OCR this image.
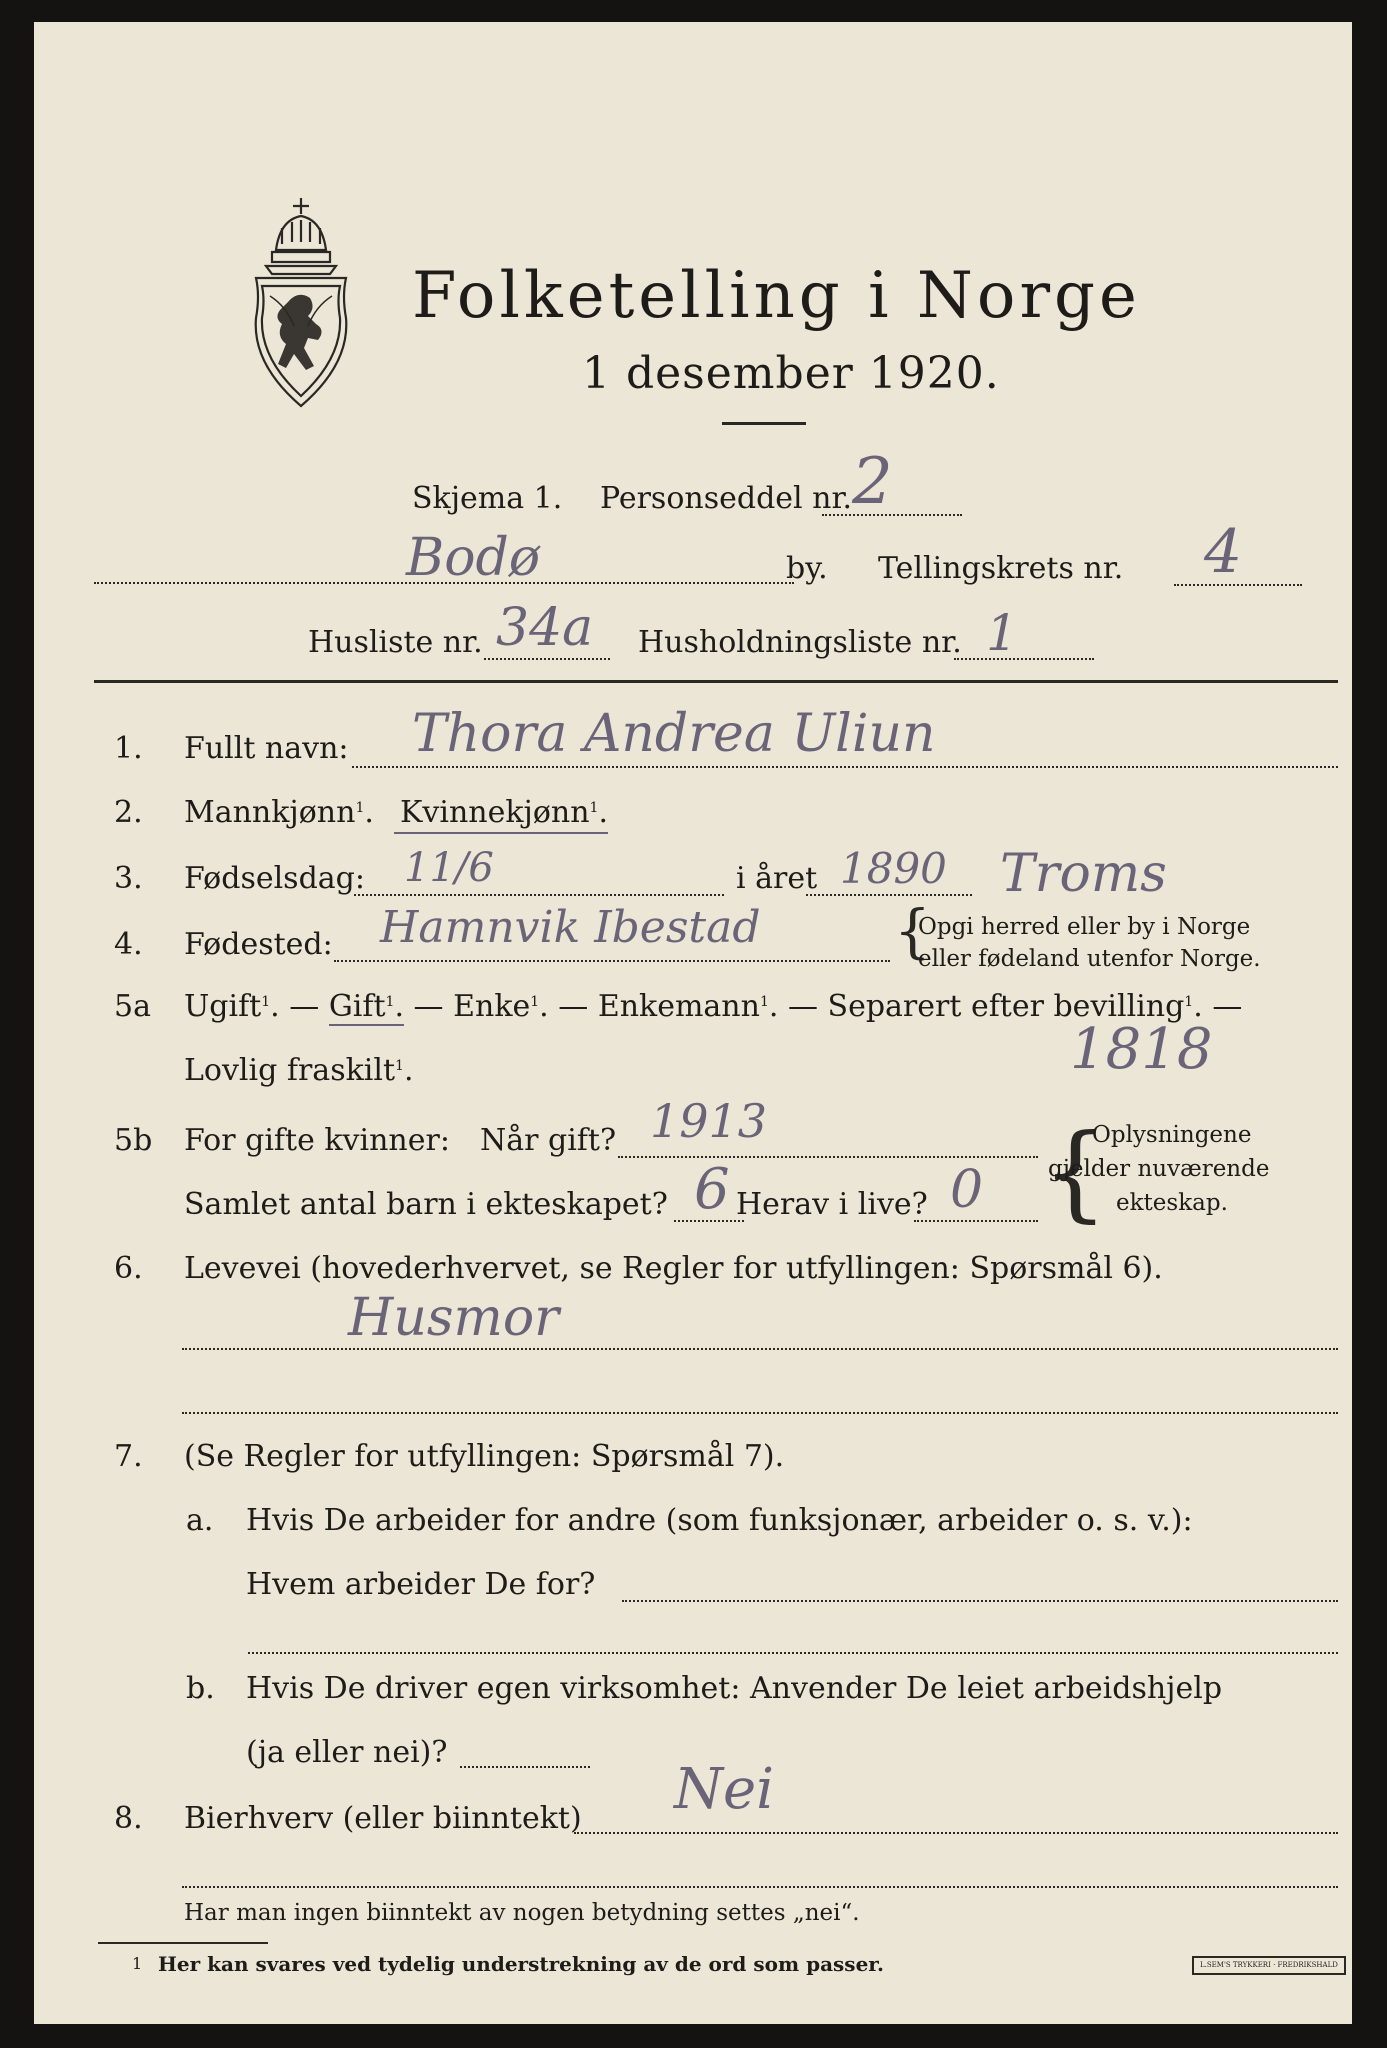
Folketelling i Norge
1 desember 1920.
Skjema 1. Personseddel nr. 2
Bodø	by. Tellingskrets nr. 4
Husliste nr. 34a Husholdningsliste nr. 1
1. Fullt navn: Thora Andrea Uliun
2. Mannkjønn$^1$. Kvinnekjønn$^1$.
3. Fødselsdag: 11/6	i året 1890 Troms
4. Fødested: Hamnvik Ibestad {
Opgi herred eller by i Norge
eller fødeland utenfor Norge.
5a Ugift$^1$. — Gift$^1$. — Enke$^1$. — Enkemann$^1$. — Separert efter bevilling$^1$. —
Lovlig fraskilt$^1$.	1818
5b For gifte kvinner: Når gift? 1913
Samlet antal barn i ekteskapet? 6 Herav i live? 0 {
Oplysningene
gjelder nuværende
ekteskap.
6. Levevei (hovederhvervet, se Regler for utfyllingen: Spørsmål 6).
Husmor
7. (Se Regler for utfyllingen: Spørsmål 7).
a. Hvis De arbeider for andre (som funksjonær, arbeider o. s. v.):
Hvem arbeider De for?
b. Hvis De driver egen virksomhet: Anvender De leiet arbeidshjelp
(ja eller nei)?
8. Bierhverv (eller biinntekt) Nei
Har man ingen biinntekt av nogen betydning settes „nei“.
1 Her kan svares ved tydelig understrekning av de ord som passer.	L.SEM'S TRYKKERI · FREDRIKSHALD
